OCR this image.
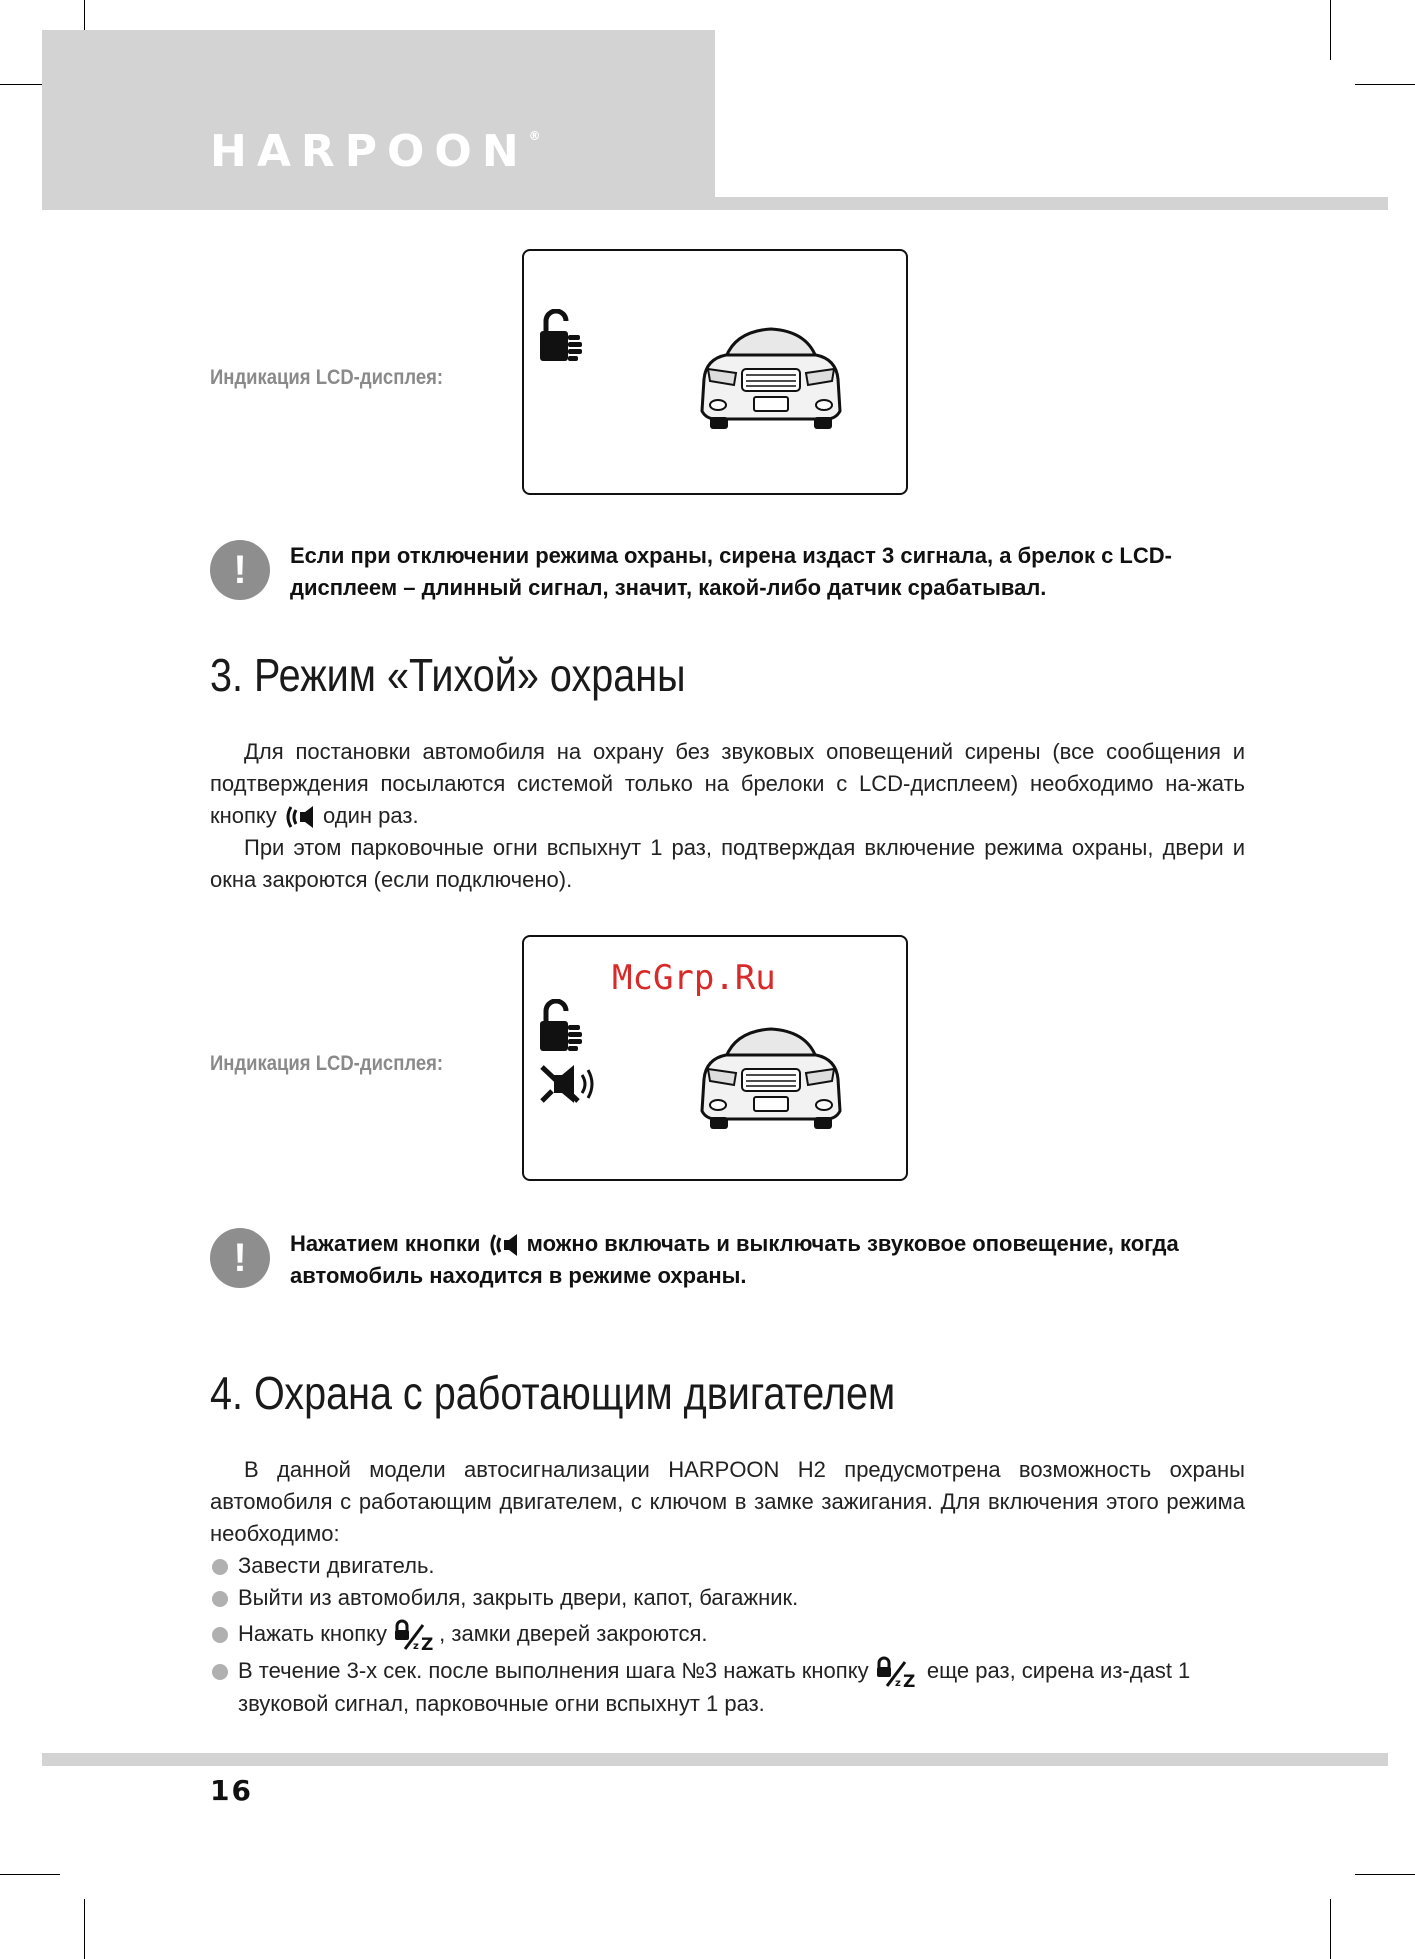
HARPOON®
Индикация LCD-дисплея:
!	Если при отключении режима охраны, сирена издаст 3 сигнала, а брелок с LCD-дисплеем – длинный сигнал, значит, какой-либо датчик срабатывал.
3. Режим «Тихой» охраны

Для постановки автомобиля на охрану без звуковых оповещений сирены (все сообщения и подтверждения посылаются системой только на брелоки с LCD-дисплеем) необходимо на-жать кнопку один раз.

При этом парковочные огни вспыхнут 1 раз, подтверждая включение режима охраны, двери и окна закроются (если подключено).

Индикация LCD-дисплея:
McGrp.Ru
!	Нажатием кнопки можно включать и выключать звуковое оповещение, когда автомобиль находится в режиме охраны.
4. Охрана с работающим двигателем

В данной модели автосигнализации HARPOON H2 предусмотрена возможность охраны автомобиля с работающим двигателем, с ключом в замке зажигания. Для включения этого режима необходимо:

Завести двигатель.
Выйти из автомобиля, закрыть двери, капот, багажник.
Нажать кнопку
z Z , замки дверей закроются.
В течение 3-х сек. после выполнения шага №3 нажать кнопку
z Z еще раз, сирена из-дast 1 звуковой сигнал, парковочные огни вспыхнут 1 раз.
16
